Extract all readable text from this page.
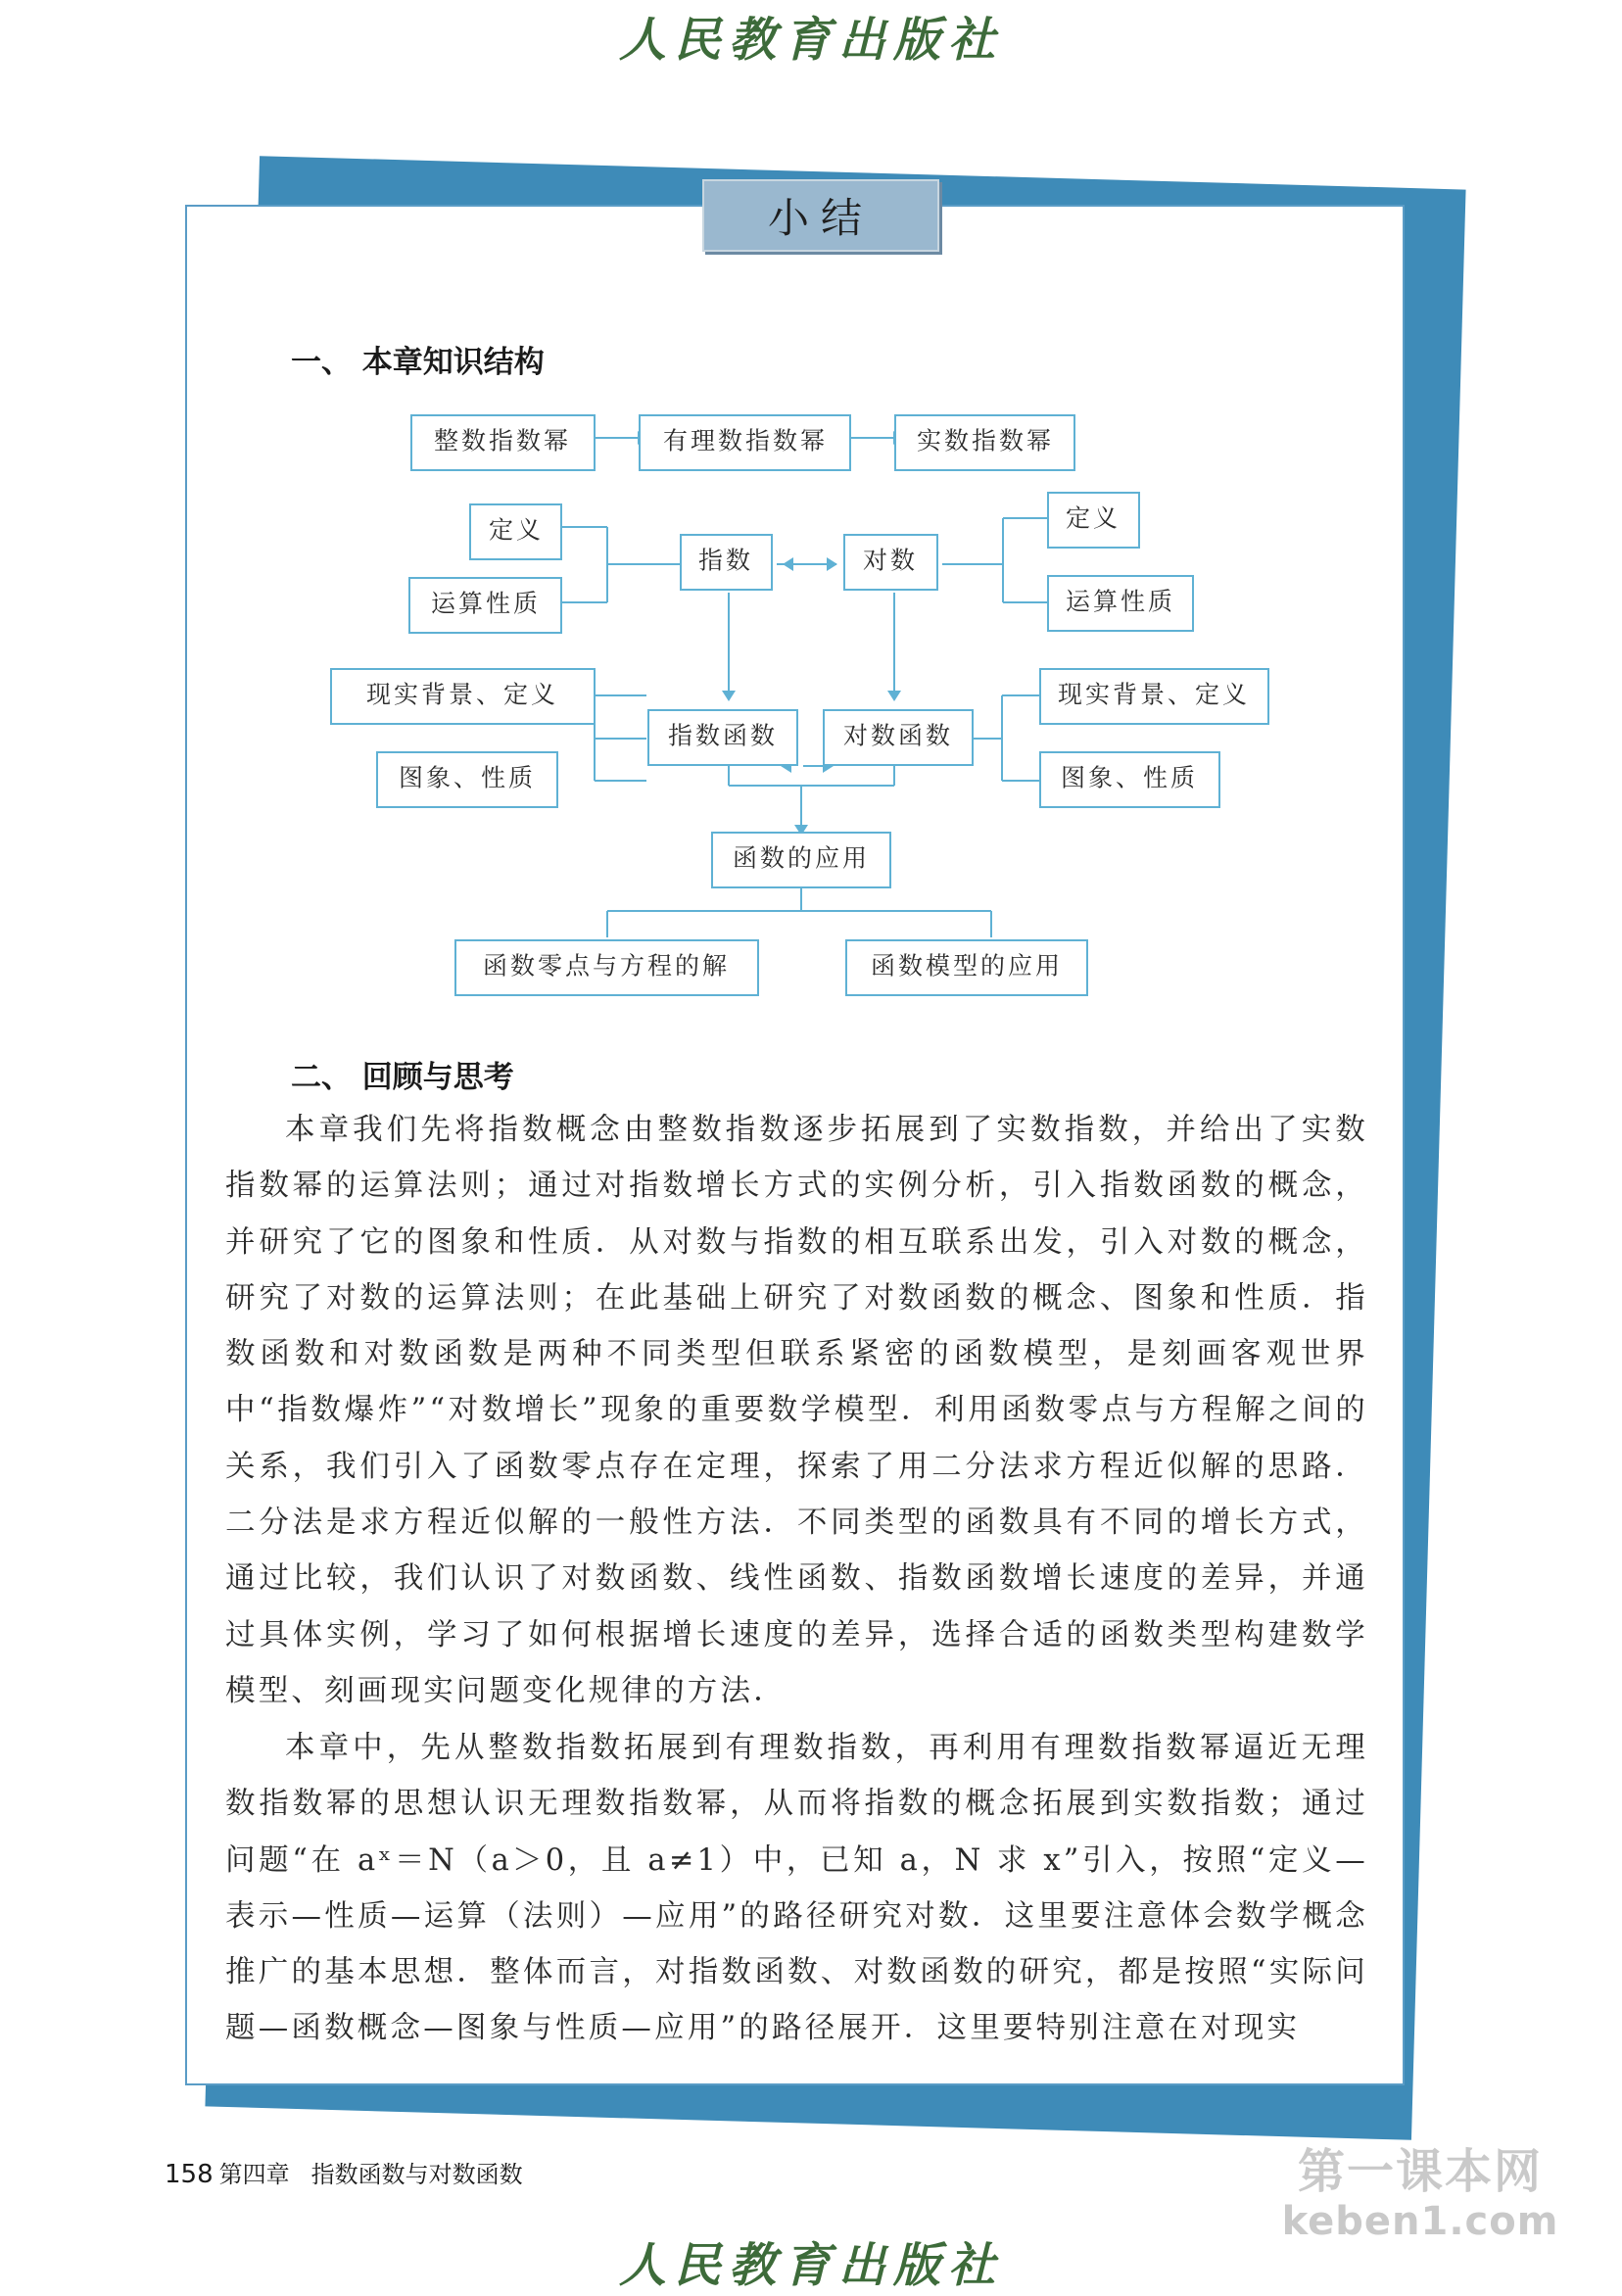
人民教育出版社
小结
一、 本章知识结构
整数指数幂	有理数指数幂	实数指数幂
定义
运算性质
指数	对数
定义
运算性质
现实背景、定义
图象、性质
指数函数	对数函数
现实背景、定义
图象、性质
函数的应用
函数零点与方程的解	函数模型的应用
二、 回顾与思考

本章我们先将指数概念由整数指数逐步拓展到了实数指数，并给出了实数指数幂的运算法则；通过对指数增长方式的实例分析，引入指数函数的概念，并研究了它的图象和性质．从对数与指数的相互联系出发，引入对数的概念，研究了对数的运算法则；在此基础上研究了对数函数的概念、图象和性质．指数函数和对数函数是两种不同类型但联系紧密的函数模型，是刻画客观世界中“指数爆炸”“对数增长”现象的重要数学模型．利用函数零点与方程解之间的关系，我们引入了函数零点存在定理，探索了用二分法求方程近似解的思路．二分法是求方程近似解的一般性方法．不同类型的函数具有不同的增长方式，通过比较，我们认识了对数函数、线性函数、指数函数增长速度的差异，并通过具体实例，学习了如何根据增长速度的差异，选择合适的函数类型构建数学模型、刻画现实问题变化规律的方法．

本章中，先从整数指数拓展到有理数指数，再利用有理数指数幂逼近无理数指数幂的思想认识无理数指数幂，从而将指数的概念拓展到实数指数；通过问题“在 aˣ＝N（a＞0，且 a≠1）中，已知 a，N 求 x”引入，按照“定义—表示—性质—运算（法则）—应用”的路径研究对数．这里要注意体会数学概念推广的基本思想．整体而言，对指数函数、对数函数的研究，都是按照“实际问题—函数概念—图象与性质—应用”的路径展开．这里要特别注意在对现实

158 第四章 指数函数与对数函数	第一课本网
keben1.com
人民教育出版社
